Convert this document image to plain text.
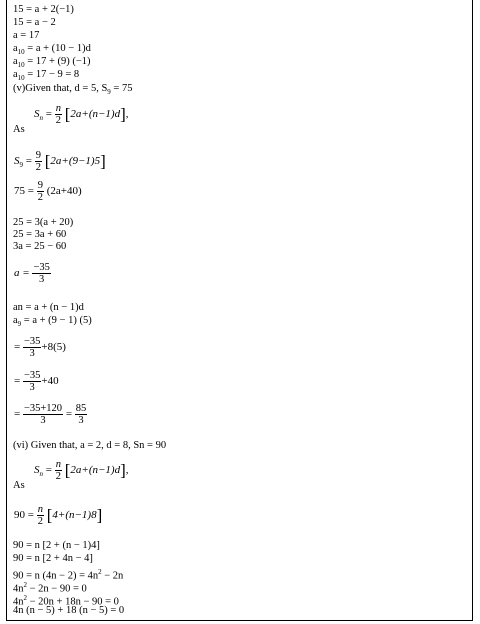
15 = a + 2(−1)
15 = a − 2
a = 17
$a_{10} = a + (10 - 1)d$
$a_{10} = 17 + (9)$ (−1)
$a_{10} = 17 - 9 = 8$
(v)Given that, d = 5, $S_9 = 75$
As
$S_n = \frac{n}{2} [2a+(n-1)d]$,
$S_9 = \frac{9}{2} [2a+(9-1)5]$
$75 = \frac{9}{2} (2a+40)$
25 = 3(a + 20)
25 = 3a + 60
3a = 25 − 60
$a = \frac{-35}{3}$
an = a + (n − 1)d
$a_9 = a + (9 - 1)$ (5)
= $\frac{-35}{3} +8(5)$
= $\frac{-35}{3} +40$
= $\frac{-35+120}{3} = \frac{85}{3}$
(vi) Given that, a = 2, d = 8, Sn = 90
As
$S_n = \frac{n}{2} [2a+(n-1)d]$,
$90 = \frac{n}{2} [4+(n-1)8]$
90 = n [2 + (n − 1)4]
90 = n [2 + 4n − 4]
90 = n $(4n - 2) = 4n^2 - 2n$
$4n^2 - 2n - 90 = 0$
$4n^2 - 20n + 18n - 90 = 0$
4n (n − 5) + 18 (n − 5) = 0
